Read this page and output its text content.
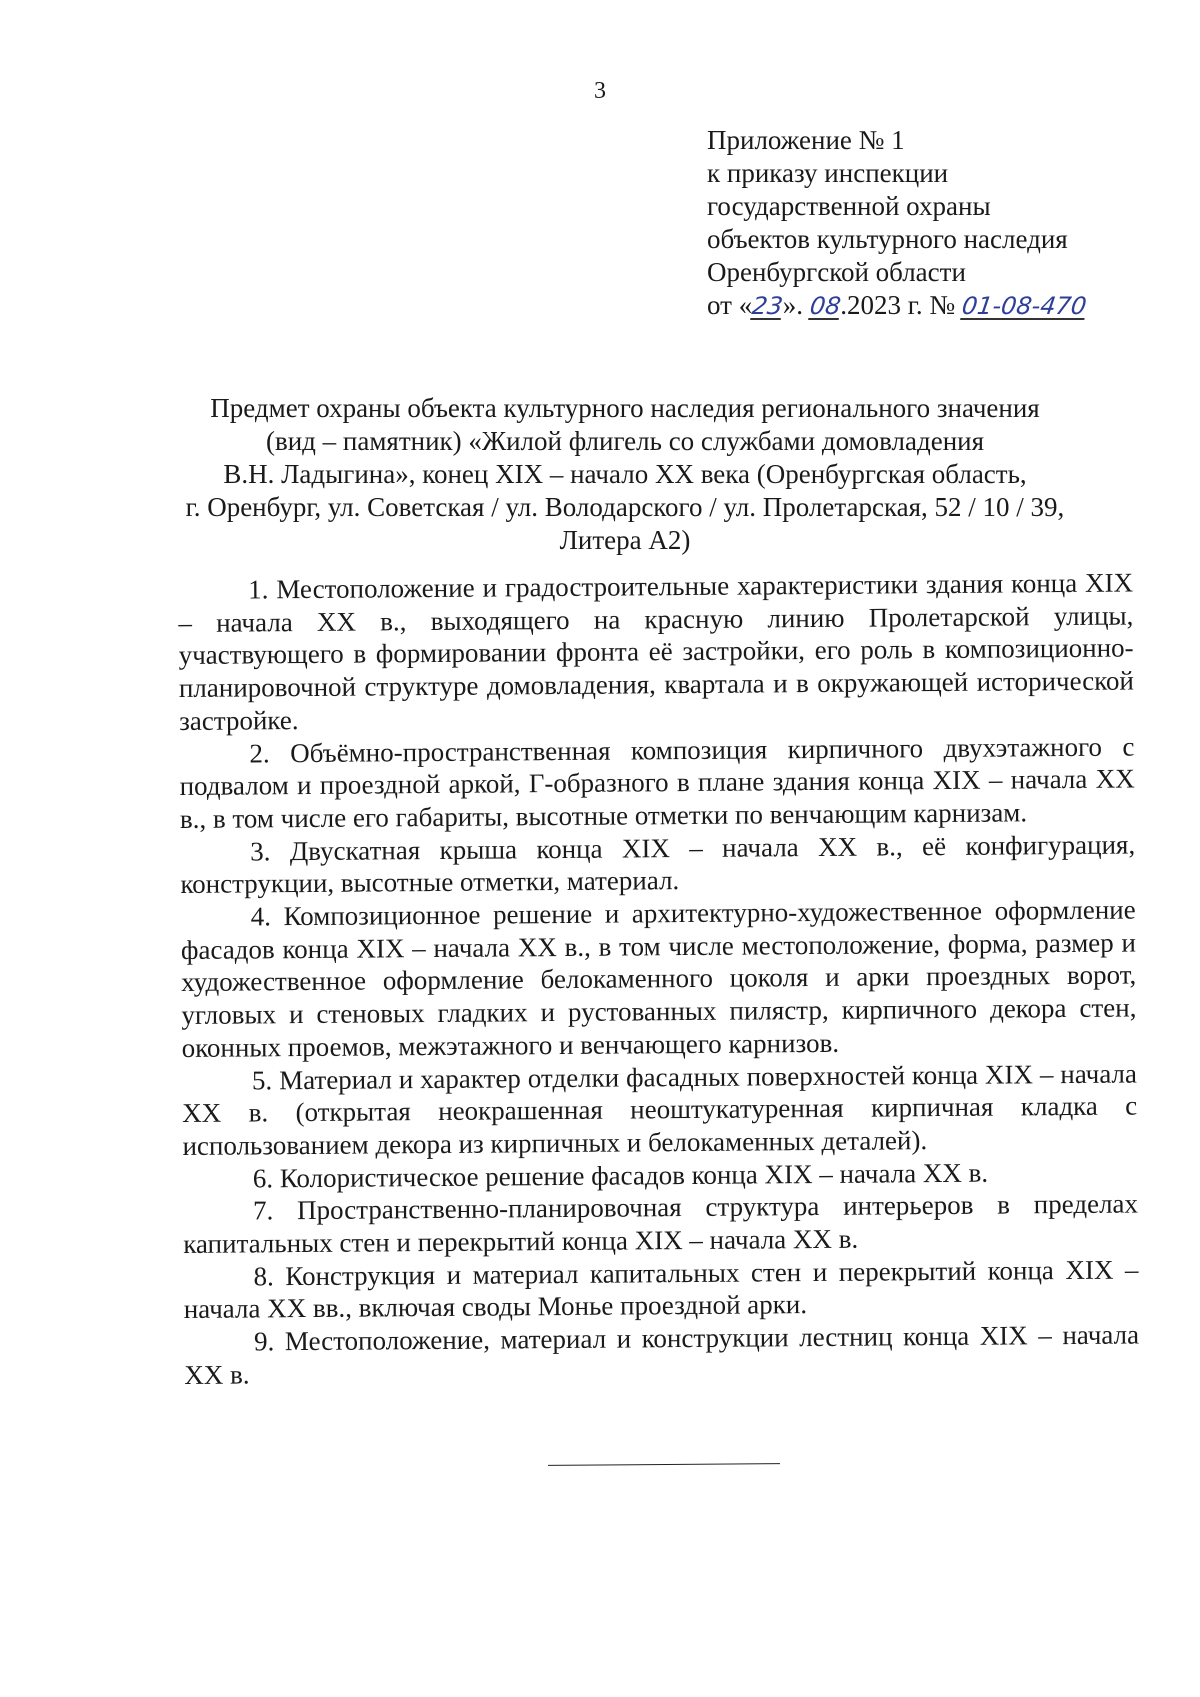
3
Приложение № 1
к приказу инспекции
государственной охраны
объектов культурного наследия
Оренбургской области
от «23». 08.2023 г. № 01-08-470
Предмет охраны объекта культурного наследия регионального значения
(вид – памятник) «Жилой флигель со службами домовладения
В.Н. Ладыгина», конец XIX – начало XX века (Оренбургская область,
г. Оренбург, ул. Советская / ул. Володарского / ул. Пролетарская, 52 / 10 / 39,
Литера А2)

1. Местоположение и градостроительные характеристики здания конца XIX – начала XX в., выходящего на красную линию Пролетарской улицы, участвующего в формировании фронта её застройки, его роль в композиционно-планировочной структуре домовладения, квартала и в окружающей исторической застройке.

2. Объёмно-пространственная композиция кирпичного двухэтажного с подвалом и проездной аркой, Г-образного в плане здания конца XIX – начала XX в., в том числе его габариты, высотные отметки по венчающим карнизам.

3. Двускатная крыша конца XIX – начала XX в., её конфигурация, конструкции, высотные отметки, материал.

4. Композиционное решение и архитектурно-художественное оформление фасадов конца XIX – начала XX в., в том числе местоположение, форма, размер и художественное оформление белокаменного цоколя и арки проездных ворот, угловых и стеновых гладких и рустованных пилястр, кирпичного декора стен, оконных проемов, межэтажного и венчающего карнизов.

5. Материал и характер отделки фасадных поверхностей конца XIX – начала XX в. (открытая неокрашенная неоштукатуренная кирпичная кладка с использованием декора из кирпичных и белокаменных деталей).

6. Колористическое решение фасадов конца XIX – начала XX в.

7. Пространственно-планировочная структура интерьеров в пределах капитальных стен и перекрытий конца XIX – начала XX в.

8. Конструкция и материал капитальных стен и перекрытий конца XIX – начала XX вв., включая своды Монье проездной арки.

9. Местоположение, материал и конструкции лестниц конца XIX – начала XX в.
